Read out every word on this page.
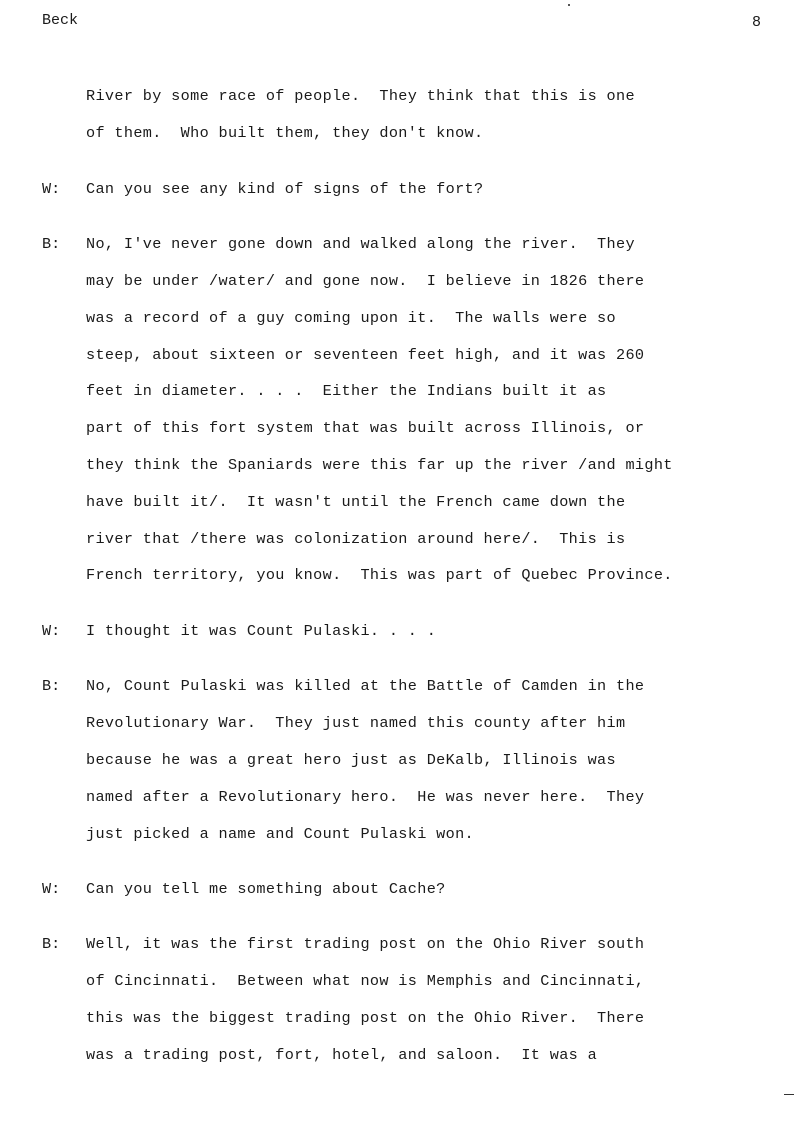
Beck	8
River by some race of people.  They think that this is one
of them.  Who built them, they don't know.
W: Can you see any kind of signs of the fort?
B: No, I've never gone down and walked along the river.  They
may be under /water/ and gone now.  I believe in 1826 there
was a record of a guy coming upon it.  The walls were so
steep, about sixteen or seventeen feet high, and it was 260
feet in diameter. . . .  Either the Indians built it as
part of this fort system that was built across Illinois, or
they think the Spaniards were this far up the river /and might
have built it/.  It wasn't until the French came down the
river that /there was colonization around here/.  This is
French territory, you know.  This was part of Quebec Province.
W: I thought it was Count Pulaski. . . .
B: No, Count Pulaski was killed at the Battle of Camden in the
Revolutionary War.  They just named this county after him
because he was a great hero just as DeKalb, Illinois was
named after a Revolutionary hero.  He was never here.  They
just picked a name and Count Pulaski won.
W: Can you tell me something about Cache?
B: Well, it was the first trading post on the Ohio River south
of Cincinnati.  Between what now is Memphis and Cincinnati,
this was the biggest trading post on the Ohio River.  There
was a trading post, fort, hotel, and saloon.  It was a
